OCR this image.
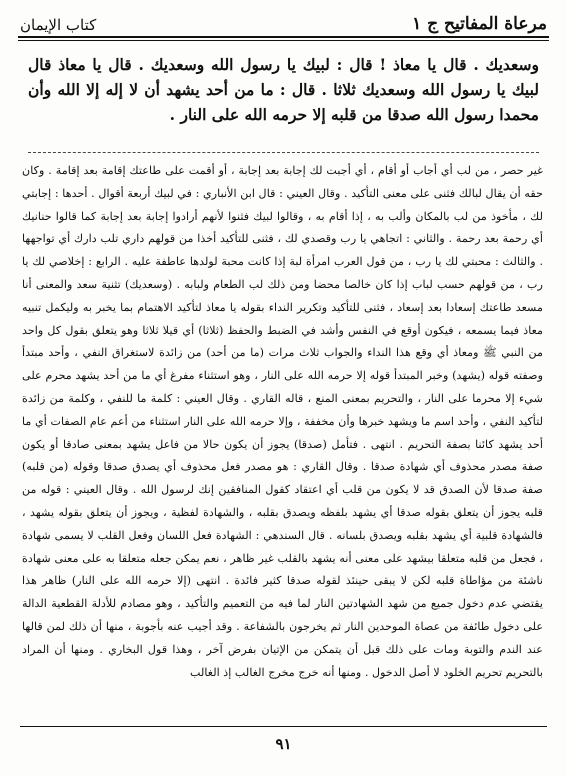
مرعاة المفاتيح ج ١
كتاب الإيمان

وسعديك . قال يا معاذ ! قال : لبيك يا رسول الله وسعديك . قال يا معاذ قال لبيك يا رسول الله وسعديك ثلاثا . قال : ما من أحد يشهد أن لا إله إلا الله وأن محمدا رسول الله صدقا من قلبه إلا حرمه الله على النار .

غير حصر ، من لب أي أجاب أو أقام ، أي أجبت لك إجابة بعد إجابة ، أو أقمت على طاعتك إقامة بعد إقامة . وكان حقه أن يقال لبالك فثنى على معنى التأكيد . وقال العيني : قال ابن الأنباري : في لبيك أربعة أقوال . أحدها : إجابتي لك ، مأخوذ من لب بالمكان وألب به ، إذا أقام به ، وقالوا لبيك فثنوا لأنهم أرادوا إجابة بعد إجابة كما قالوا حنانيك أي رحمة بعد رحمة . والثاني : اتجاهي يا رب وقصدي لك ، فثنى للتأكيد أخذا من قولهم داري تلب دارك أي تواجهها . والثالث : محبتي لك يا رب ، من قول العرب امرأة لبة إذا كانت محبة لولدها عاطفة عليه . الرابع : إخلاصي لك يا رب ، من قولهم حسب لباب إذا كان خالصا محضا ومن ذلك لب الطعام ولبابه . (وسعديك) تثنية سعد والمعنى أنا مسعد طاعتك إسعادا بعد إسعاد ، فثنى للتأكيد وتكرير النداء بقوله يا معاذ لتأكيد الاهتمام بما يخبر به وليكمل تنبيه معاذ فيما يسمعه ، فيكون أوقع في النفس وأشد في الضبط والحفظ (ثلاثا) أي قيلا ثلاثا وهو يتعلق بقول كل واحد من النبي ﷺ ومعاذ أي وقع هذا النداء والجواب ثلاث مرات (ما من أحد) من زائدة لاستغراق النفي ، وأحد مبتدأ وصفته قوله (يشهد) وخبر المبتدأ قوله إلا حرمه الله على النار ، وهو استثناء مفرغ أي ما من أحد يشهد محرم على شيء إلا محرما على النار ، والتحريم بمعنى المنع ، قاله القاري . وقال العيني : كلمة ما للنفي ، وكلمة من زائدة لتأكيد النفي ، وأحد اسم ما ويشهد خبرها وأن مخففة ، وإلا حرمه الله على النار استثناء من أعم عام الصفات أي ما أحد يشهد كائنا بصفة التحريم . انتهى . فتأمل (صدقا) يجوز أن يكون حالا من فاعل يشهد بمعنى صادقا أو يكون صفة مصدر محذوف أي شهادة صدقا . وقال القاري : هو مصدر فعل محذوف أي يصدق صدقا وقوله (من قلبه) صفة صدقا لأن الصدق قد لا يكون من قلب أي اعتقاد كقول المنافقين إنك لرسول الله . وقال العيني : قوله من قلبه يجوز أن يتعلق بقوله صدقا أي يشهد بلفظه ويصدق بقلبه ، والشهادة لفظية ، ويجوز أن يتعلق بقوله يشهد ، فالشهادة قلبية أي يشهد بقلبه ويصدق بلسانه . قال السندهي : الشهادة فعل اللسان وفعل القلب لا يسمى شهادة ، فجعل من قلبه متعلقا بيشهد على معنى أنه يشهد بالقلب غير ظاهر ، نعم يمكن جعله متعلقا به على معنى شهادة ناشئة من مؤاطاة قلبه لكن لا يبقى حينئذ لقوله صدقا كثير فائدة . انتهى (إلا حرمه الله على النار) ظاهر هذا يقتضي عدم دخول جميع من شهد الشهادتين النار لما فيه من التعميم والتأكيد ، وهو مصادم للأدلة القطعية الدالة على دخول طائفة من عصاة الموحدين النار ثم يخرجون بالشفاعة . وقد أجيب عنه بأجوبة ، منها أن ذلك لمن قالها عند الندم والتوبة ومات على ذلك قبل أن يتمكن من الإتيان بفرض آخر ، وهذا قول البخاري . ومنها أن المراد بالتحريم تحريم الخلود لا أصل الدخول . ومنها أنه خرج مخرج الغالب إذ الغالب

٩١
